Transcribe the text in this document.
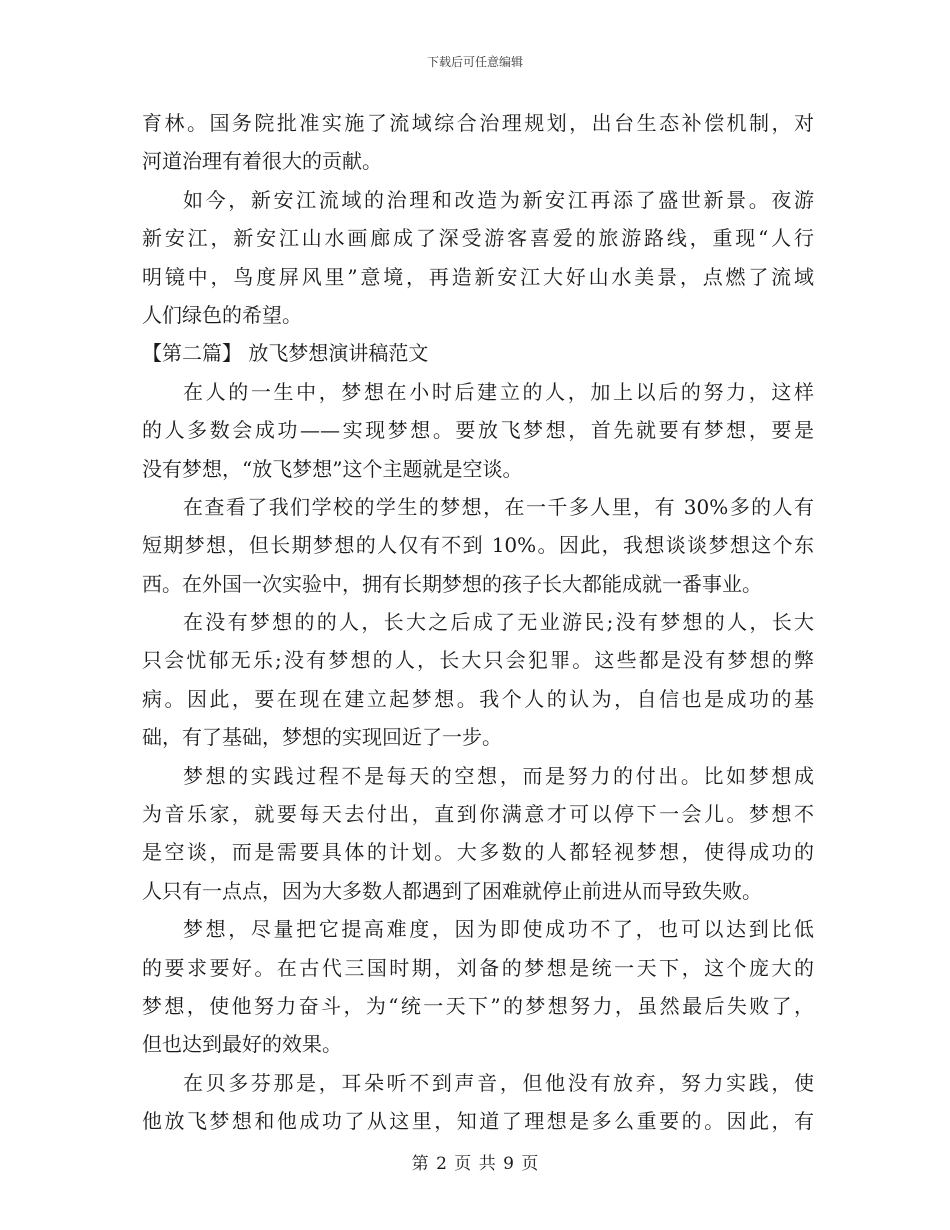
下载后可任意编辑
育林。国务院批准实施了流域综合治理规划，出台生态补偿机制，对
河道治理有着很大的贡献。
如今，新安江流域的治理和改造为新安江再添了盛世新景。夜游
新安江，新安江山水画廊成了深受游客喜爱的旅游路线，重现“人行
明镜中，鸟度屏风里”意境，再造新安江大好山水美景，点燃了流域
人们绿色的希望。
【第二篇】 放飞梦想演讲稿范文
在人的一生中，梦想在小时后建立的人，加上以后的努力，这样
的人多数会成功——实现梦想。要放飞梦想，首先就要有梦想，要是
没有梦想，“放飞梦想”这个主题就是空谈。
在查看了我们学校的学生的梦想，在一千多人里，有 30%多的人有
短期梦想，但长期梦想的人仅有不到 10%。因此，我想谈谈梦想这个东
西。在外国一次实验中，拥有长期梦想的孩子长大都能成就一番事业。
在没有梦想的的人，长大之后成了无业游民;没有梦想的人，长大
只会忧郁无乐;没有梦想的人，长大只会犯罪。这些都是没有梦想的弊
病。因此，要在现在建立起梦想。我个人的认为，自信也是成功的基
础，有了基础，梦想的实现回近了一步。
梦想的实践过程不是每天的空想，而是努力的付出。比如梦想成
为音乐家，就要每天去付出，直到你满意才可以停下一会儿。梦想不
是空谈，而是需要具体的计划。大多数的人都轻视梦想，使得成功的
人只有一点点，因为大多数人都遇到了困难就停止前进从而导致失败。
梦想，尽量把它提高难度，因为即使成功不了，也可以达到比低
的要求要好。在古代三国时期，刘备的梦想是统一天下，这个庞大的
梦想，使他努力奋斗，为“统一天下”的梦想努力，虽然最后失败了，
但也达到最好的效果。
在贝多芬那是，耳朵听不到声音，但他没有放弃，努力实践，使
他放飞梦想和他成功了从这里，知道了理想是多么重要的。因此，有
第 2 页 共 9 页
